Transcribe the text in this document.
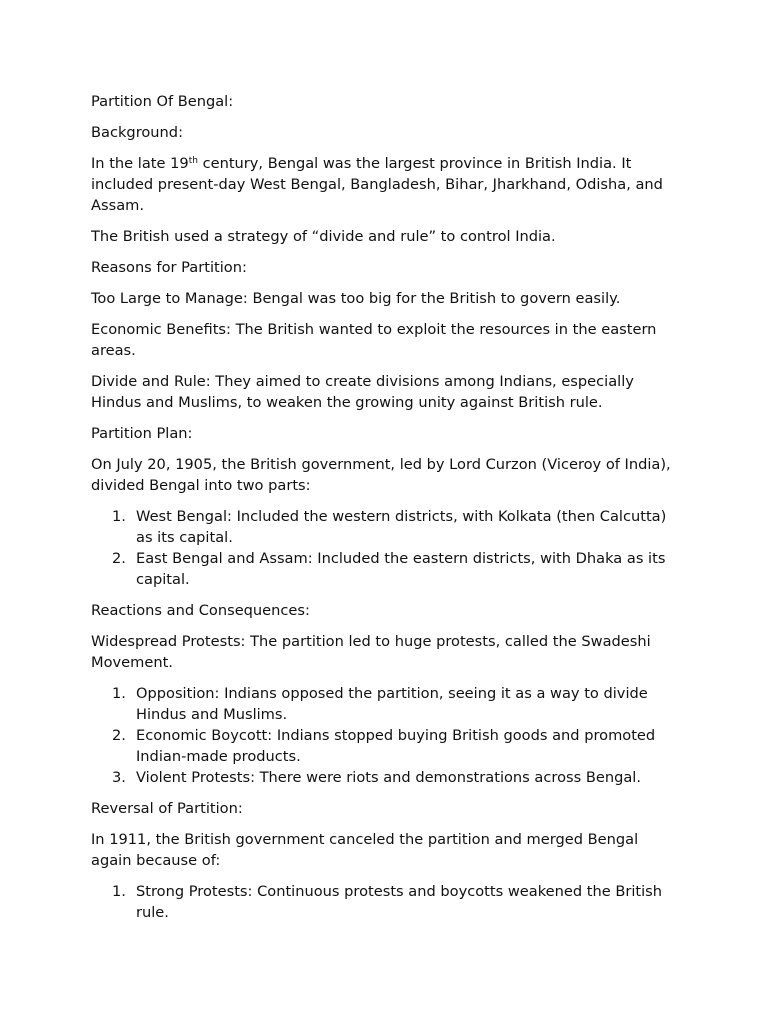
Partition Of Bengal:

Background:

In the late 19th century, Bengal was the largest province in British India. It included present-day West Bengal, Bangladesh, Bihar, Jharkhand, Odisha, and Assam.

The British used a strategy of “divide and rule” to control India.

Reasons for Partition:

Too Large to Manage: Bengal was too big for the British to govern easily.

Economic Benefits: The British wanted to exploit the resources in the eastern areas.

Divide and Rule: They aimed to create divisions among Indians, especially Hindus and Muslims, to weaken the growing unity against British rule.

Partition Plan:

On July 20, 1905, the British government, led by Lord Curzon (Viceroy of India), divided Bengal into two parts:

1. West Bengal: Included the western districts, with Kolkata (then Calcutta) as its capital.
2. East Bengal and Assam: Included the eastern districts, with Dhaka as its capital.

Reactions and Consequences:

Widespread Protests: The partition led to huge protests, called the Swadeshi Movement.

1. Opposition: Indians opposed the partition, seeing it as a way to divide Hindus and Muslims.
2. Economic Boycott: Indians stopped buying British goods and promoted Indian-made products.
3. Violent Protests: There were riots and demonstrations across Bengal.

Reversal of Partition:

In 1911, the British government canceled the partition and merged Bengal again because of:

1. Strong Protests: Continuous protests and boycotts weakened the British rule.
